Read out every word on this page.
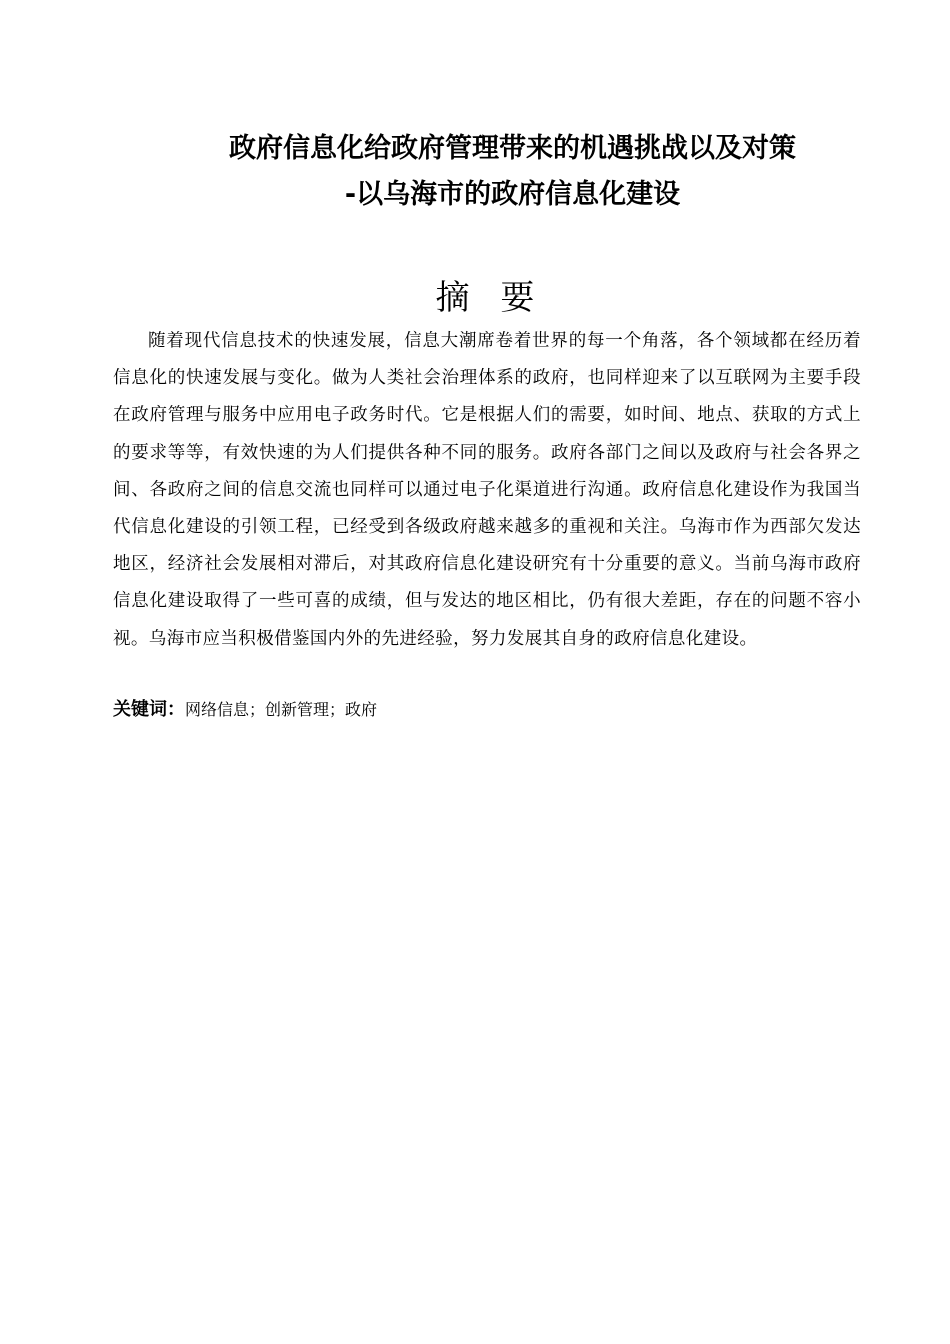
政府信息化给政府管理带来的机遇挑战以及对策
-以乌海市的政府信息化建设
摘 要

随着现代信息技术的快速发展，信息大潮席卷着世界的每一个角落，各个领域都在经历着信息化的快速发展与变化。做为人类社会治理体系的政府，也同样迎来了以互联网为主要手段在政府管理与服务中应用电子政务时代。它是根据人们的需要，如时间、地点、获取的方式上的要求等等，有效快速的为人们提供各种不同的服务。政府各部门之间以及政府与社会各界之间、各政府之间的信息交流也同样可以通过电子化渠道进行沟通。政府信息化建设作为我国当代信息化建设的引领工程，已经受到各级政府越来越多的重视和关注。乌海市作为西部欠发达地区，经济社会发展相对滞后，对其政府信息化建设研究有十分重要的意义。当前乌海市政府信息化建设取得了一些可喜的成绩，但与发达的地区相比，仍有很大差距，存在的问题不容小视。乌海市应当积极借鉴国内外的先进经验，努力发展其自身的政府信息化建设。

关键词：网络信息；创新管理；政府
